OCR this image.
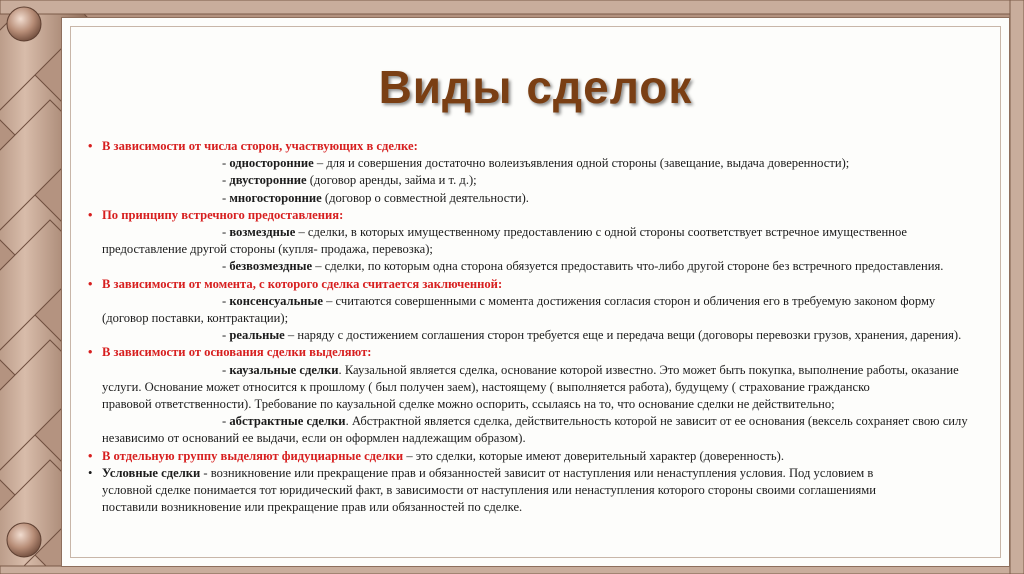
Виды сделок
• В зависимости от числа сторон, участвующих в сделке:
- односторонние – для и совершения достаточно волеизъявления одной стороны (завещание, выдача доверенности);
- двусторонние (договор аренды, займа и т. д.);
- многосторонние (договор о совместной деятельности).
• По принципу встречного предоставления:
- возмездные – сделки, в которых имущественному предоставлению с одной стороны соответствует встречное имущественное
предоставление другой стороны (купля- продажа, перевозка);
- безвозмездные – сделки, по которым одна сторона обязуется предоставить что-либо другой стороне без встречного предоставления.
• В зависимости от момента, с которого сделка считается заключенной:
- консенсуальные – считаются совершенными с момента достижения согласия сторон и обличения его в требуемую законом форму
(договор поставки, контрактации);
- реальные – наряду с достижением соглашения сторон требуется еще и передача вещи (договоры перевозки грузов, хранения, дарения).
• В зависимости от основания сделки выделяют:
- каузальные сделки. Каузальной является сделка, основание которой известно. Это может быть покупка, выполнение работы, оказание
услуги. Основание может относится к прошлому ( был получен заем), настоящему ( выполняется работа), будущему ( страхование гражданско
правовой ответственности). Требование по каузальной сделке можно оспорить, ссылаясь на то, что основание сделки не действительно;
- абстрактные сделки. Абстрактной является сделка, действительность которой не зависит от ее основания (вексель сохраняет свою силу
независимо от оснований ее выдачи, если он оформлен надлежащим образом).
• В отдельную группу выделяют фидуциарные сделки – это сделки, которые имеют доверительный характер (доверенность).
• Условные сделки - возникновение или прекращение прав и обязанностей зависит от наступления или ненаступления условия. Под условием в
условной сделке понимается тот юридический факт, в зависимости от наступления или ненаступления которого стороны своими соглашениями
поставили возникновение или прекращение прав или обязанностей по сделке.
